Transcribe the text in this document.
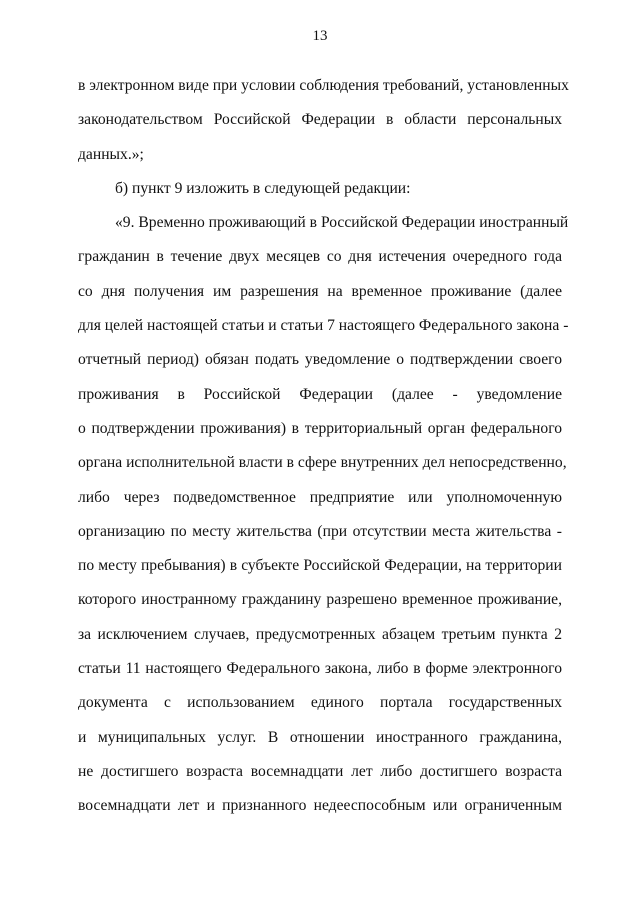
13
в электронном виде при условии соблюдения требований, установленных
законодательством Российской Федерации в области персональных
данных.»;
б) пункт 9 изложить в следующей редакции:
«9. Временно проживающий в Российской Федерации иностранный
гражданин в течение двух месяцев со дня истечения очередного года
со дня получения им разрешения на временное проживание (далее
для целей настоящей статьи и статьи 7 настоящего Федерального закона -
отчетный период) обязан подать уведомление о подтверждении своего
проживания в Российской Федерации (далее - уведомление
о подтверждении проживания) в территориальный орган федерального
органа исполнительной власти в сфере внутренних дел непосредственно,
либо через подведомственное предприятие или уполномоченную
организацию по месту жительства (при отсутствии места жительства -
по месту пребывания) в субъекте Российской Федерации, на территории
которого иностранному гражданину разрешено временное проживание,
за исключением случаев, предусмотренных абзацем третьим пункта 2
статьи 11 настоящего Федерального закона, либо в форме электронного
документа с использованием единого портала государственных
и муниципальных услуг. В отношении иностранного гражданина,
не достигшего возраста восемнадцати лет либо достигшего возраста
восемнадцати лет и признанного недееспособным или ограниченным
